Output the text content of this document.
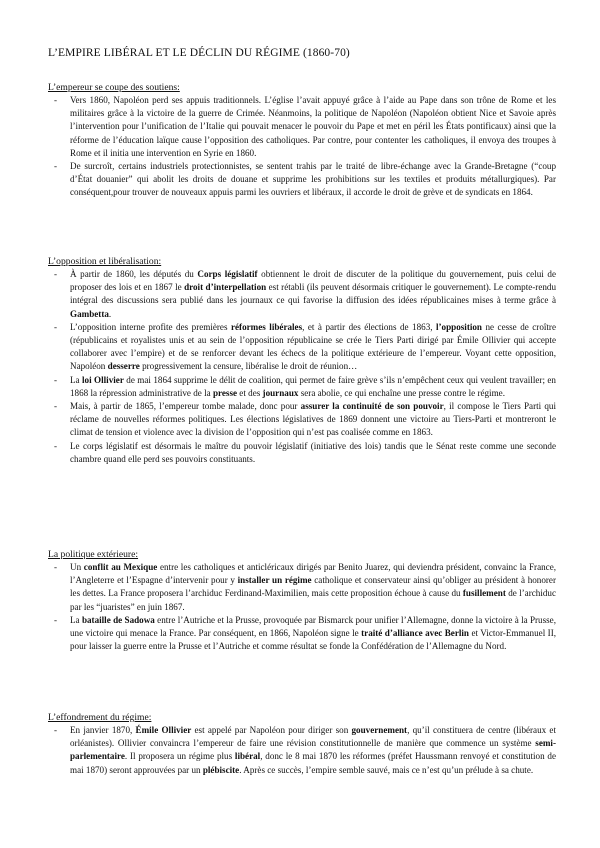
L’EMPIRE LIBÉRAL ET LE DÉCLIN DU RÉGIME (1860-70)
L’empereur se coupe des soutiens:
- Vers 1860, Napoléon perd ses appuis traditionnels. L’église l’avait appuyé grâce à l’aide au Pape dans son trône de Rome et les militaires grâce à la victoire de la guerre de Crimée. Néanmoins, la politique de Napoléon (Napoléon obtient Nice et Savoie après l’intervention pour l’unification de l’Italie qui pouvait menacer le pouvoir du Pape et met en péril les États pontificaux) ainsi que la réforme de l’éducation laïque cause l’opposition des catholiques. Par contre, pour contenter les catholiques, il envoya des troupes à Rome et il initia une intervention en Syrie en 1860.
- De surcroît, certains industriels protectionnistes, se sentent trahis par le traité de libre-échange avec la Grande-Bretagne (“coup d’État douanier” qui abolit les droits de douane et supprime les prohibitions sur les textiles et produits métallurgiques). Par conséquent,pour trouver de nouveaux appuis parmi les ouvriers et libéraux, il accorde le droit de grève et de syndicats en 1864.
L’opposition et libéralisation:
- À partir de 1860, les députés du Corps législatif obtiennent le droit de discuter de la politique du gouvernement, puis celui de proposer des lois et en 1867 le droit d’interpellation est rétabli (ils peuvent désormais critiquer le gouvernement). Le compte-rendu intégral des discussions sera publié dans les journaux ce qui favorise la diffusion des idées républicaines mises à terme grâce à Gambetta.
- L’opposition interne profite des premières réformes libérales, et à partir des élections de 1863, l’opposition ne cesse de croître (républicains et royalistes unis et au sein de l’opposition républicaine se crée le Tiers Parti dirigé par Émile Ollivier qui accepte collaborer avec l’empire) et de se renforcer devant les échecs de la politique extérieure de l’empereur. Voyant cette opposition, Napoléon desserre progressivement la censure, libéralise le droit de réunion…
- La loi Ollivier de mai 1864 supprime le délit de coalition, qui permet de faire grève s’ils n’empêchent ceux qui veulent travailler; en 1868 la répression administrative de la presse et des journaux sera abolie, ce qui enchaîne une presse contre le régime.
- Mais, à partir de 1865, l’empereur tombe malade, donc pour assurer la continuité de son pouvoir, il compose le Tiers Parti qui réclame de nouvelles réformes politiques. Les élections législatives de 1869 donnent une victoire au Tiers-Parti et montreront le climat de tension et violence avec la division de l’opposition qui n’est pas coalisée comme en 1863.
- Le corps législatif est désormais le maître du pouvoir législatif (initiative des lois) tandis que le Sénat reste comme une seconde chambre quand elle perd ses pouvoirs constituants.
La politique extérieure:
- Un conflit au Mexique entre les catholiques et anticléricaux dirigés par Benito Juarez, qui deviendra président, convainc la France, l’Angleterre et l’Espagne d’intervenir pour y installer un régime catholique et conservateur ainsi qu’obliger au président à honorer les dettes. La France proposera l’archiduc Ferdinand-Maximilien, mais cette proposition échoue à cause du fusillement de l’archiduc par les “juaristes” en juin 1867.
- La bataille de Sadowa entre l’Autriche et la Prusse, provoquée par Bismarck pour unifier l’Allemagne, donne la victoire à la Prusse, une victoire qui menace la France. Par conséquent, en 1866, Napoléon signe le traité d’alliance avec Berlin et Victor-Emmanuel II, pour laisser la guerre entre la Prusse et l’Autriche et comme résultat se fonde la Confédération de l’Allemagne du Nord.
L’effondrement du régime:
- En janvier 1870, Émile Ollivier est appelé par Napoléon pour diriger son gouvernement, qu’il constituera de centre (libéraux et orléanistes). Ollivier convaincra l’empereur de faire une révision constitutionnelle de manière que commence un système semi-parlementaire. Il proposera un régime plus libéral, donc le 8 mai 1870 les réformes (préfet Haussmann renvoyé et constitution de mai 1870) seront approuvées par un plébiscite. Après ce succès, l’empire semble sauvé, mais ce n’est qu’un prélude à sa chute.
